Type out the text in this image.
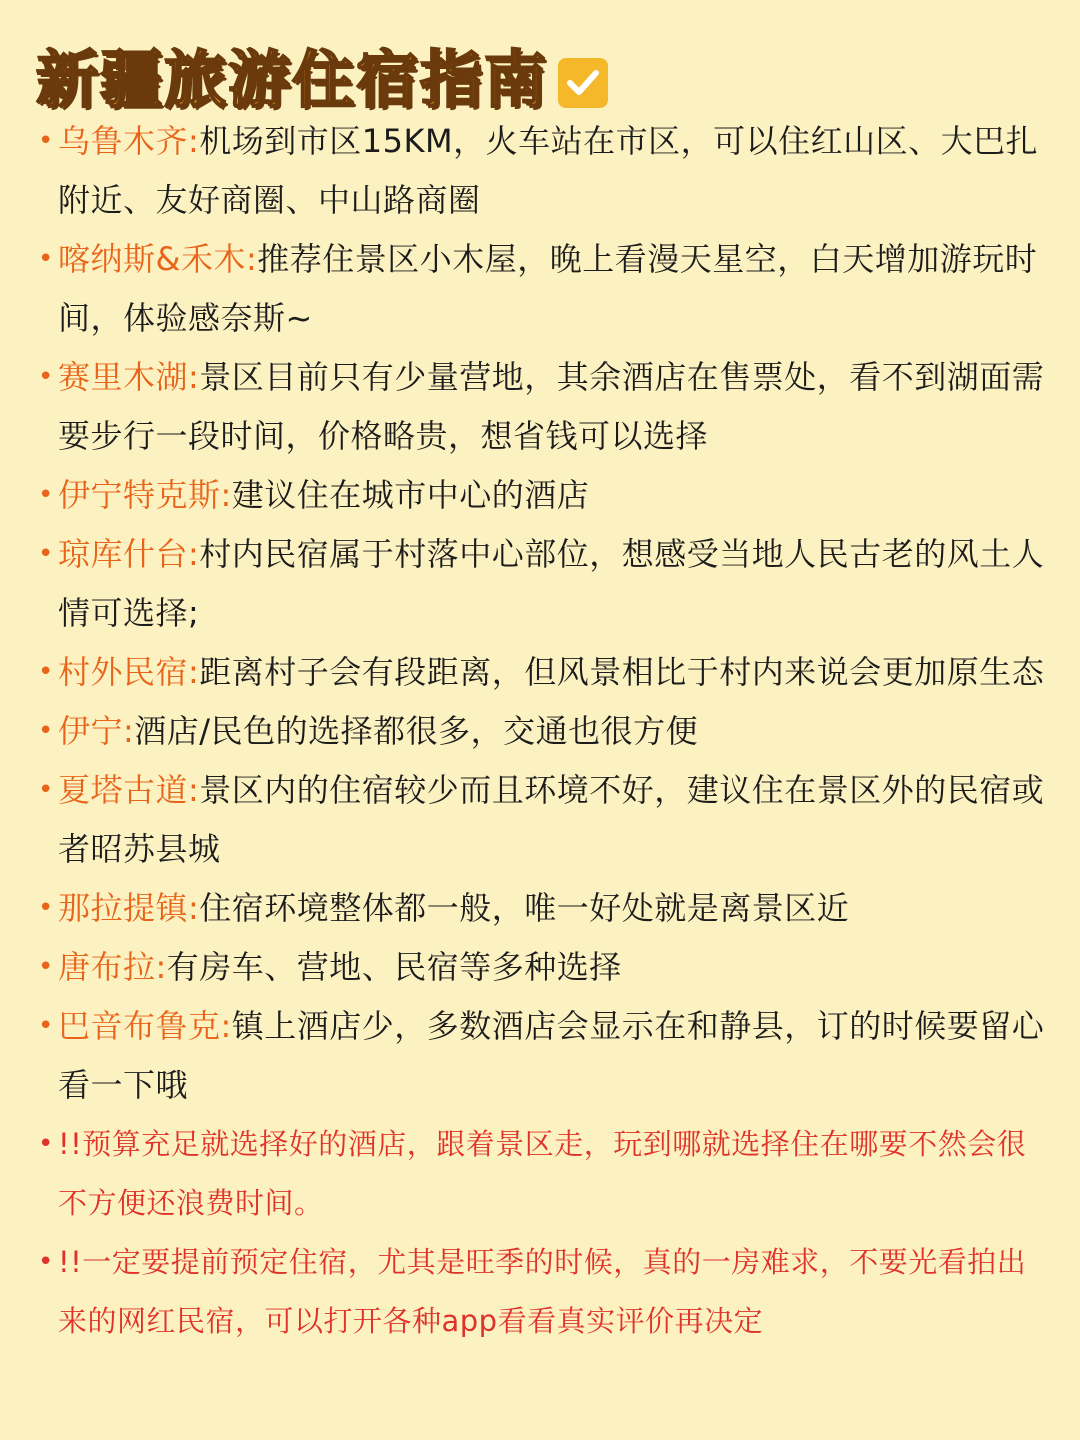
新疆旅游住宿指南
• 乌鲁木齐:机场到市区15KM，火车站在市区，可以住红山区、大巴扎附近、友好商圈、中山路商圈
• 喀纳斯&禾木:推荐住景区小木屋，晚上看漫天星空，白天增加游玩时间，体验感奈斯~
• 赛里木湖:景区目前只有少量营地，其余酒店在售票处，看不到湖面需要步行一段时间，价格略贵，想省钱可以选择
• 伊宁特克斯:建议住在城市中心的酒店
• 琼库什台:村内民宿属于村落中心部位，想感受当地人民古老的风土人情可选择;
• 村外民宿:距离村子会有段距离，但风景相比于村内来说会更加原生态
• 伊宁:酒店/民色的选择都很多，交通也很方便
• 夏塔古道:景区内的住宿较少而且环境不好，建议住在景区外的民宿或者昭苏县城
• 那拉提镇:住宿环境整体都一般，唯一好处就是离景区近
• 唐布拉:有房车、营地、民宿等多种选择
• 巴音布鲁克:镇上酒店少，多数酒店会显示在和静县，订的时候要留心看一下哦
• !!预算充足就选择好的酒店，跟着景区走，玩到哪就选择住在哪要不然会很不方便还浪费时间。
• !!一定要提前预定住宿，尤其是旺季的时候，真的一房难求，不要光看拍出来的网红民宿，可以打开各种app看看真实评价再决定
